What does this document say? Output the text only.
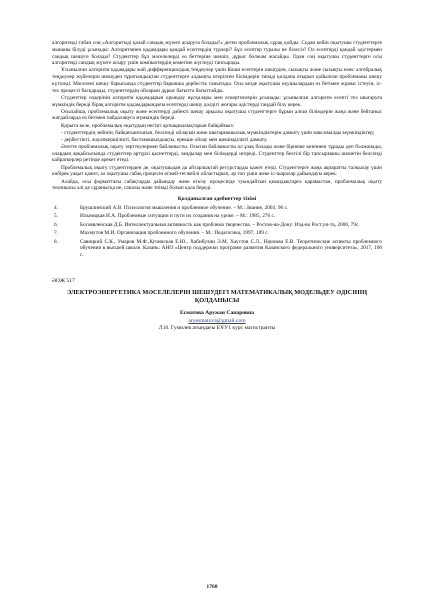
алгоритмді табан соң «Алгоритмді қалай сандық жүзеге асыруға болады?» деген проблемалық сұрақ қойды. Содан кейін оқытушы студенттерге мынаны білуді ұсынады: Алгоритмнен қадамдары қандай есептердің түрлері? Бұл есептер туралы не білесіз? Ол есептерді қандай әдістермен сандық шешуге болады? Студенттер бұл мәселелерді өз беттеріне шешіп, дұрыс болжам жасайды. Одан соң оқытушы студенттерге осы алгоритмді сандық жүзеге асыру үшін компьютердің көмегіне жүгінуді тапсырады.

Ұсынылған алгоритм қадамдары жай дифференциалдық теңдеулер үшін Коши есептерін шешуден, сызықты және сызықты емес алгебралық теңдеулер жүйелерін шешуден тұратындықтан студенттерге алдыңғы игерілген білімдерін тиімді қолдана отырып қойылған проблеманы шешу күтіледі. Мәселені шешу барысында студенттер барынша дербестік танытады. Осы кезде оқытушы оқушылардың өз бетімен жұмыс істеуін, іс-тех процесті басқарады, студенттердің ойларын дұрыс бағытта бағыттайды.

Студенттер өздерінің алгоритм қадамдарын орындау нұсқалары мен ескертпелерін ұсынады: ұсынылған алгоритм есепті тез шығаруға мүмкіндік береді бірақ алгоритм қадамдарындағы есептерді шешу дәлдігі жоғары әдістерді таңдай білу керек.

Осылайша, проблемалық оқыту және есептерді дәйекті шешу арқылы оқытушы студенттерге бұрын алған білімдерін жаңа және бейтаныс жағдайларда өз бетімен пайдалануға мүмкіндік береді.

Қорыта келе, проблемалық оқытудың негізгі артықшылықтарын байқаймыз:

- студенттердің зейінін, байқағыштығын, белсенді ойлауын және шығармашылық мүмкіндіктерін дамыту үшін максималды мүмкіндіктер;

- дербестікті, жауапкершілікті, бастамашылдықты, ерекше ойлау мен шешімділікті дамыту.

Әлетте проблемалық оқыту зерттеулермен байланысты. Осыған байланысты ол ұзақ болады және бірнеше кезеннен тұрады деп болжанады, олардың әрқайсысында студенттер әртүрлі қасиеттерді, заңдылар мен білімдерді игереді. Студенттер белгілі бір тапсырманы шешетін белсенді кайраткерлер ретінде әрекет етеді.

Проблемалық оқыту студенттерден де, оқытушыдан да айтарлықтай ресурстарды қажет етеді. Студенттерге жаңа ақпаратты талқылау үшін көбірек уақыт қажет, ал оқытушы сабақ процесін егжей-тегжейлі ойластырып, әр топ үшін жеке іс-шаралар дайындауы керек.

Алайда, осы форматтағы сабақтарды дайындау және өткізу процесінде туындайтын қиындықтарға қарамастан, проблемалық оқыту техникасы әлі де сұранысқа ие, сапалы және тиімді болып қала береді.

Қолданылған әдебиеттер тізімі
4.	Брушлинский А.В. Психология мышления и проблемное обучение. – М.: Знание, 2003, 96 с.
5.	Ильницкая И.А. Проблемные ситуации и пути их создания на уроке. – М.: 1985, 276 с.
6.	Богоявленская Д.Б. Интеллектуальная активность как проблема творчества. – Ростов-на-Дону: Изд-во Рост.ун-та, 2000, 79с.
7.	Махмутов М.И. Организация проблемного обучения. – М.: Педагогика, 1997, 189 с.
8.	Савицкий С.К., Умаров М.Ф.,Кучинская Е.Ю., Хабибулин Э.М, Хаустов С.Л., Наумова Е.В. Теоретические аспекты проблемного обучения в высшей школе. Казань: АНО «Центр поддержки программ развития Казанского федерального университета», 2017, 106 с.
ӘОЖ 517
ЭЛЕКТРОЭНЕРГЕТИКА МӘСЕЛЕЛЕРІН ШЕШУДЕГІ МАТЕМАТИКАЛЫҚ МОДЕЛЬДЕУ ӘДІСІНІҢ ҚОЛДАНЫСЫ
Есматова Аружан Сапаровна
aryesmatova@gmail.com
Л.Н. Гумилев атындағы ЕҰУ1 курс магистранты
1768
